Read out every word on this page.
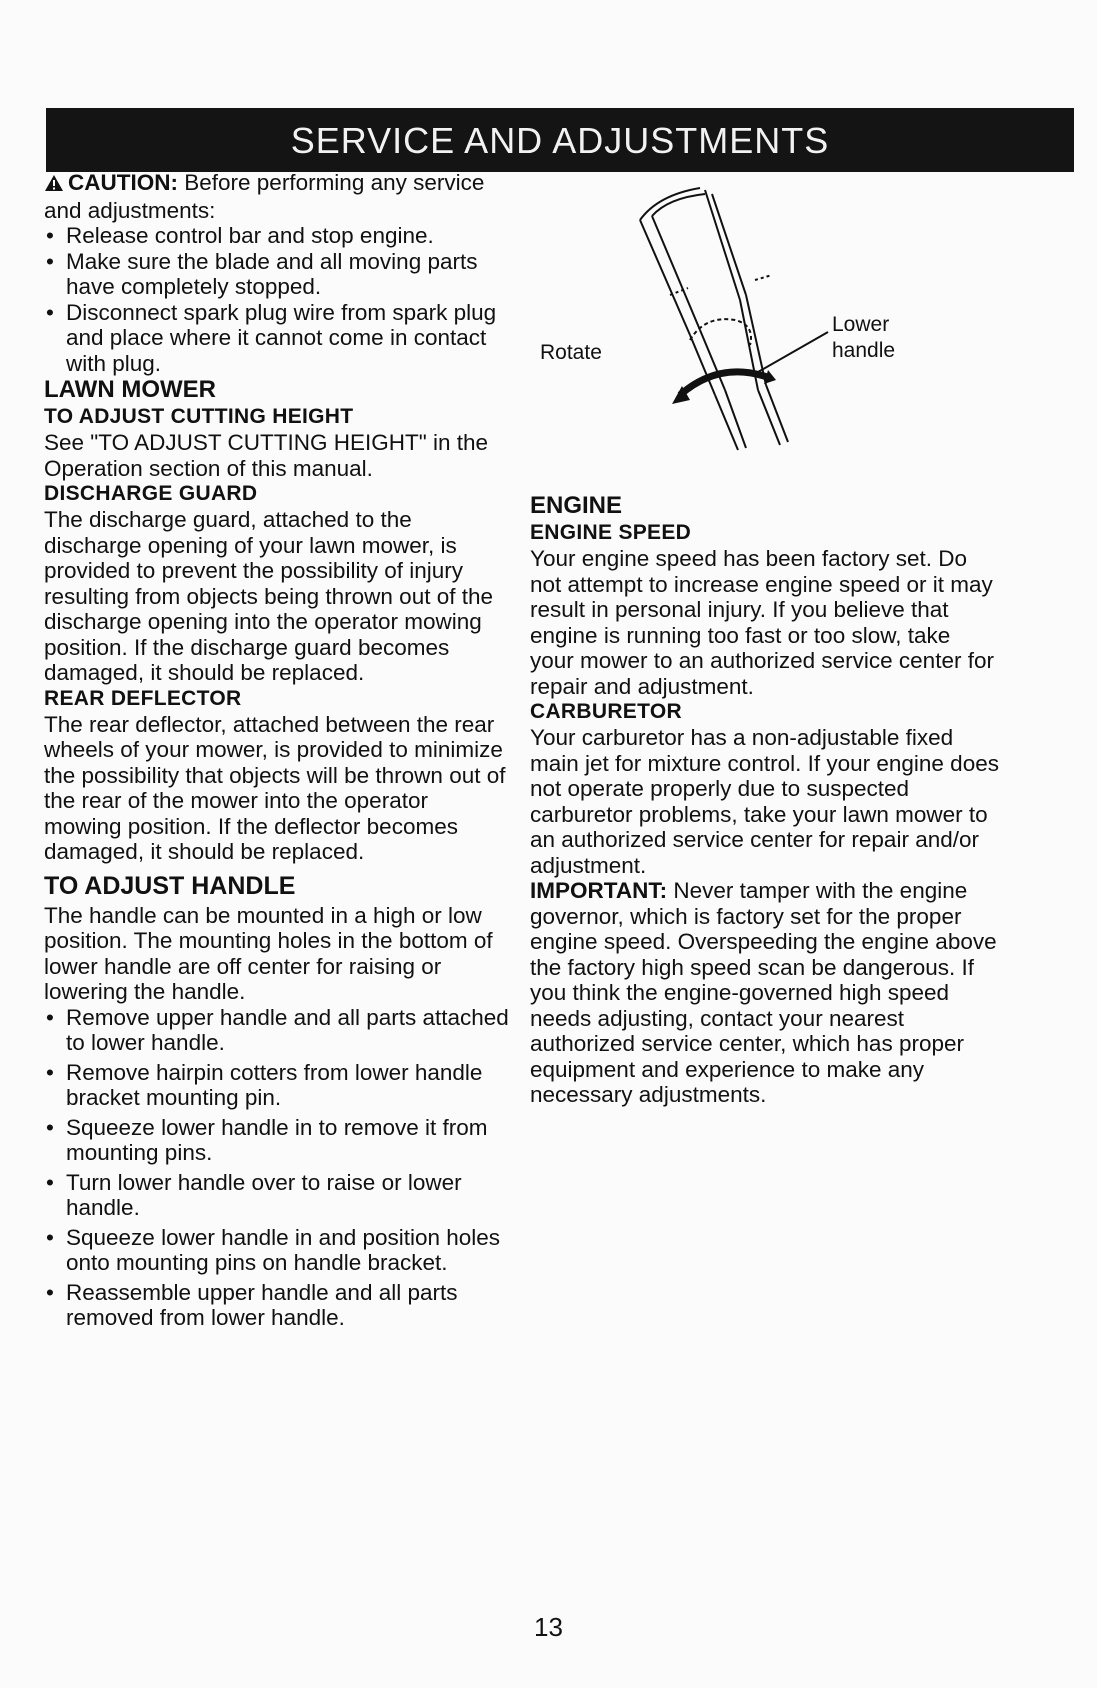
SERVICE AND ADJUSTMENTS

CAUTION: Before performing any service and adjustments:

• Release control bar and stop engine.
• Make sure the blade and all moving parts have completely stopped.
• Disconnect spark plug wire from spark plug and place where it cannot come in contact with plug.

LAWN MOWER

TO ADJUST CUTTING HEIGHT

See "TO ADJUST CUTTING HEIGHT" in the Operation section of this manual.

DISCHARGE GUARD

The discharge guard, attached to the discharge opening of your lawn mower, is provided to prevent the possibility of injury resulting from objects being thrown out of the discharge opening into the operator mowing position. If the discharge guard becomes damaged, it should be replaced.

REAR DEFLECTOR

The rear deflector, attached between the rear wheels of your mower, is provided to minimize the possibility that objects will be thrown out of the rear of the mower into the operator mowing position. If the deflector becomes damaged, it should be replaced.

TO ADJUST HANDLE

The handle can be mounted in a high or low position. The mounting holes in the bottom of lower handle are off center for raising or lowering the handle.

• Remove upper handle and all parts attached to lower handle.
• Remove hairpin cotters from lower handle bracket mounting pin.
• Squeeze lower handle in to remove it from mounting pins.
• Turn lower handle over to raise or lower handle.
• Squeeze lower handle in and position holes onto mounting pins on handle bracket.
• Reassemble upper handle and all parts removed from lower handle.
Rotate
Lower
handle

ENGINE

ENGINE SPEED

Your engine speed has been factory set. Do not attempt to increase engine speed or it may result in personal injury. If you believe that engine is running too fast or too slow, take your mower to an authorized service center for repair and adjustment.

CARBURETOR

Your carburetor has a non-adjustable fixed main jet for mixture control. If your engine does not operate properly due to suspected carburetor problems, take your lawn mower to an authorized service center for repair and/or adjustment.

IMPORTANT: Never tamper with the engine governor, which is factory set for the proper engine speed. Overspeeding the engine above the factory high speed scan be dangerous. If you think the engine-governed high speed needs adjusting, contact your nearest authorized service center, which has proper equipment and experience to make any necessary adjustments.

13
